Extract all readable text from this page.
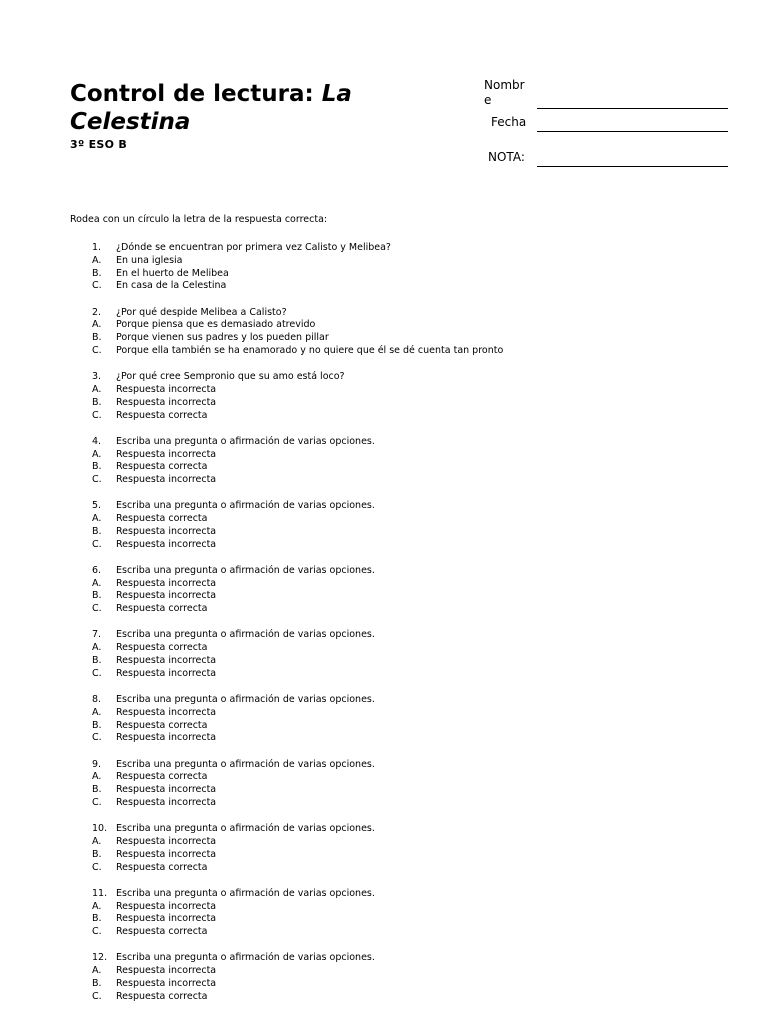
Control de lectura: La Celestina
3º ESO B
Nombr
e
Fecha
NOTA:
Rodea con un círculo la letra de la respuesta correcta:
1.	¿Dónde se encuentran por primera vez Calisto y Melibea?
A.	En una iglesia
B.	En el huerto de Melibea
C.	En casa de la Celestina
2.	¿Por qué despide Melibea a Calisto?
A.	Porque piensa que es demasiado atrevido
B.	Porque vienen sus padres y los pueden pillar
C.	Porque ella también se ha enamorado y no quiere que él se dé cuenta tan pronto
3.	¿Por qué cree Sempronio que su amo está loco?
A.	Respuesta incorrecta
B.	Respuesta incorrecta
C.	Respuesta correcta
4.	Escriba una pregunta o afirmación de varias opciones.
A.	Respuesta incorrecta
B.	Respuesta correcta
C.	Respuesta incorrecta
5.	Escriba una pregunta o afirmación de varias opciones.
A.	Respuesta correcta
B.	Respuesta incorrecta
C.	Respuesta incorrecta
6.	Escriba una pregunta o afirmación de varias opciones.
A.	Respuesta incorrecta
B.	Respuesta incorrecta
C.	Respuesta correcta
7.	Escriba una pregunta o afirmación de varias opciones.
A.	Respuesta correcta
B.	Respuesta incorrecta
C.	Respuesta incorrecta
8.	Escriba una pregunta o afirmación de varias opciones.
A.	Respuesta incorrecta
B.	Respuesta correcta
C.	Respuesta incorrecta
9.	Escriba una pregunta o afirmación de varias opciones.
A.	Respuesta correcta
B.	Respuesta incorrecta
C.	Respuesta incorrecta
10. Escriba una pregunta o afirmación de varias opciones.
A.	Respuesta incorrecta
B.	Respuesta incorrecta
C.	Respuesta correcta
11. Escriba una pregunta o afirmación de varias opciones.
A.	Respuesta incorrecta
B.	Respuesta incorrecta
C.	Respuesta correcta
12. Escriba una pregunta o afirmación de varias opciones.
A.	Respuesta incorrecta
B.	Respuesta incorrecta
C.	Respuesta correcta
